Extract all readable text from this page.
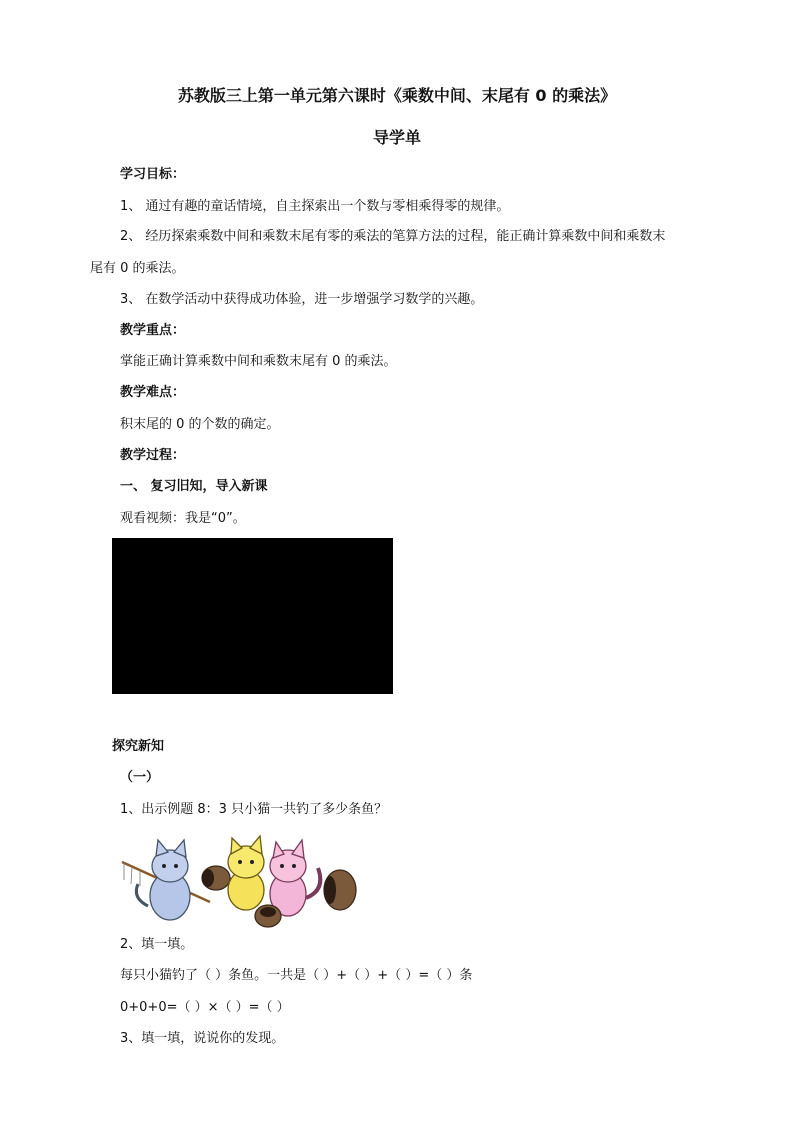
苏教版三上第一单元第六课时《乘数中间、末尾有 0 的乘法》
导学单
学习目标：
1、 通过有趣的童话情境，自主探索出一个数与零相乘得零的规律。
2、 经历探索乘数中间和乘数末尾有零的乘法的笔算方法的过程，能正确计算乘数中间和乘数末
尾有 0 的乘法。
3、 在数学活动中获得成功体验，进一步增强学习数学的兴趣。
教学重点：
掌能正确计算乘数中间和乘数末尾有 0 的乘法。
教学难点：
积末尾的 0 的个数的确定。
教学过程：
一、 复习旧知，导入新课
观看视频：我是“0”。
探究新知
（一）
1、出示例题 8：3 只小猫一共钓了多少条鱼？
2、填一填。
每只小猫钓了（ ）条鱼。一共是（ ）+（ ）+（ ）=（ ）条
0+0+0=（ ）×（ ）=（ ）
3、填一填，说说你的发现。
